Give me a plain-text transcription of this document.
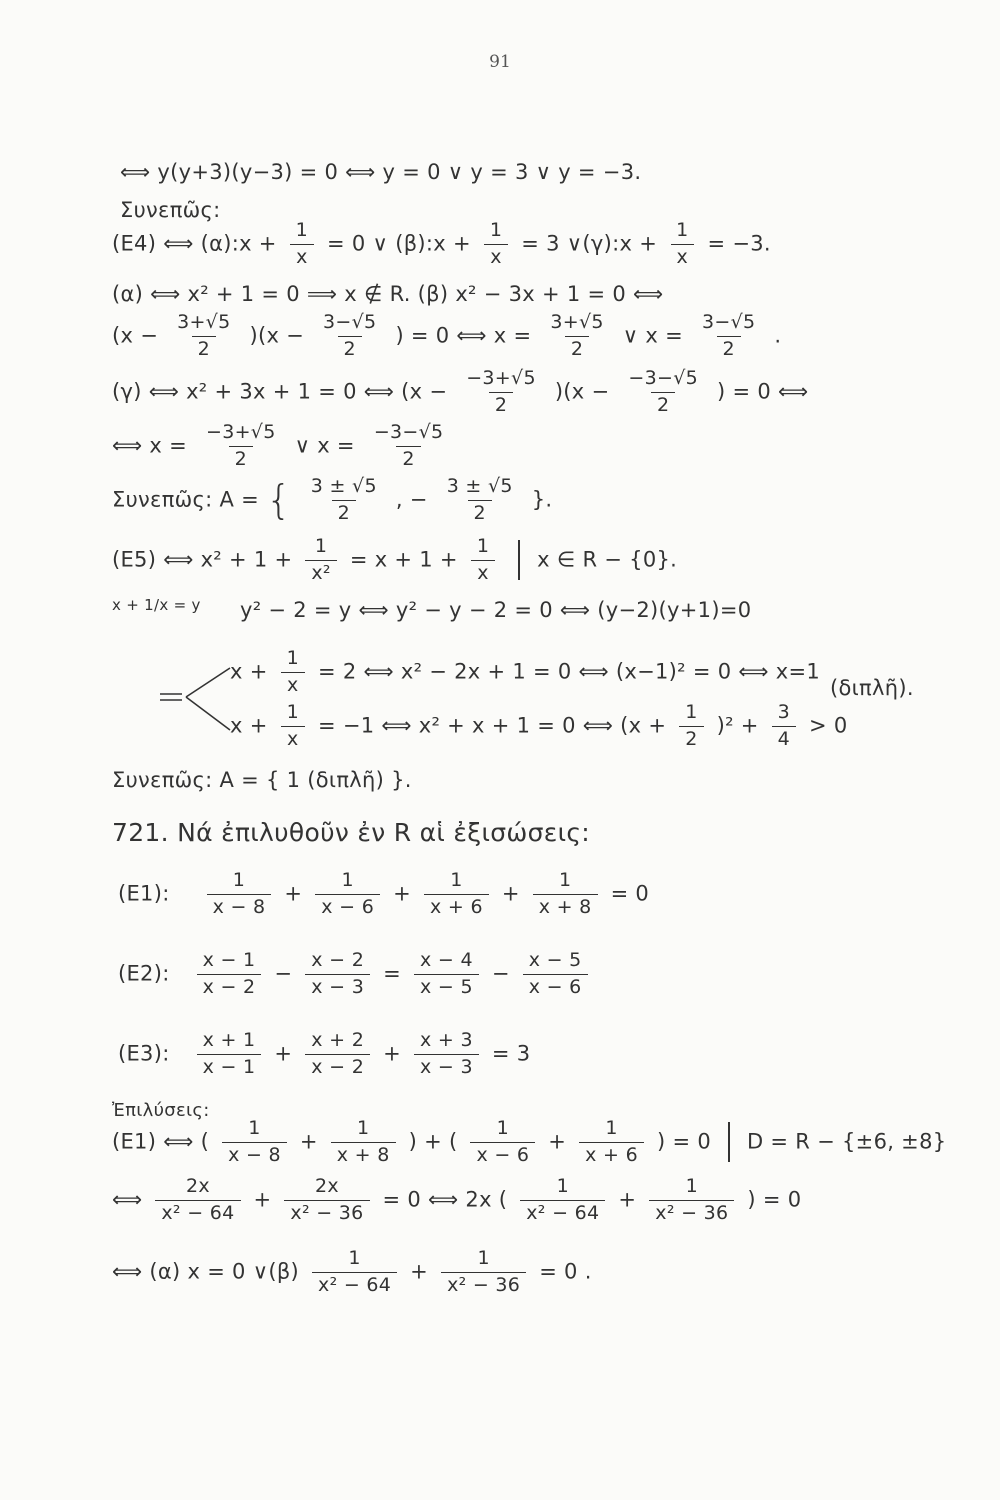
91
⟺ y(y+3)(y−3) = 0 ⟺ y = 0 ∨ y = 3 ∨ y = −3.
Συνεπῶς:
(E4) ⟺ (α):x + $\frac{1}{x} = 0$ ∨ (β):x + $\frac{1}{x} = 3$ ∨(γ):x + $\frac{1}{x} = -3$.
(α) ⟺ x² + 1 = 0 ⟹ x ∉ R. (β) x² − 3x + 1 = 0 ⟺
$(x - \frac{3+√5}{2} )(x - \frac{3-√5}{2}$ ) = 0 ⟺ $x = \frac{3+√5}{2}$ ∨ $x = \frac{3-√5}{2}$ .
(γ) ⟺ x² + 3x + 1 = 0 ⟺ $(x - \frac{-3+√5}{2} )(x - \frac{-3-√5}{2}$ ) = 0 ⟺
⟺ $x = \frac{-3+√5}{2}$ ∨ $x = \frac{-3-√5}{2}$
Συνεπῶς: A = { $\frac{3 \pm √5}{2}$ , − $\frac{3 \pm √5}{2}$ }.
(E5) ⟺ $x^2 + 1 + \frac{1}{\text{x²}} = x + 1 + \frac{1}{x}$ x ∈ R − {0}.
x + 1/x = y y² − 2 = y ⟺ y² − y − 2 = 0 ⟺ (y−2)(y+1)=0
$x + \frac{1}{x} = 2$ ⟺ x² − 2x + 1 = 0 ⟺ (x−1)² = 0 ⟺ x=1
(διπλῆ).
$x + \frac{1}{x} = -1$ ⟺ x² + x + 1 = 0 ⟺ $(x + \frac{1}{2} )^2 + \frac{3}{4} > 0$
Συνεπῶς: A = { 1 (διπλῆ) }.
721. Νά ἐπιλυθοῦν ἐν R αἱ ἐξισώσεις:
(E1): $\frac{1}{x - 8} + \frac{1}{x - 6} + \frac{1}{x + 6} + \frac{1}{x + 8} = 0$
(E2): $\frac{x - 1}{x - 2} - \frac{x - 2}{x - 3} = \frac{x - 4}{x - 5} - \frac{x - 5}{x - 6}$
(E3): $\frac{x + 1}{x - 1} + \frac{x + 2}{x - 2} + \frac{x + 3}{x - 3} = 3$
Ἐπιλύσεις:
(E1) ⟺ ( $\frac{1}{x - 8} + \frac{1}{x + 8}$ ) + ( $\frac{1}{x - 6} + \frac{1}{x + 6}$ ) = 0 D = R − {±6, ±8}
⟺ $\frac{2x}{\text{x² − 64}} + \frac{2x}{\text{x² − 36}} = 0$ ⟺ 2x ( $\frac{1}{\text{x² − 64}} + \frac{1}{\text{x² − 36}}$ ) = 0
⟺ (α) x = 0 ∨(β) $\frac{1}{\text{x² − 64}} + \frac{1}{\text{x² − 36}} = 0$ .
